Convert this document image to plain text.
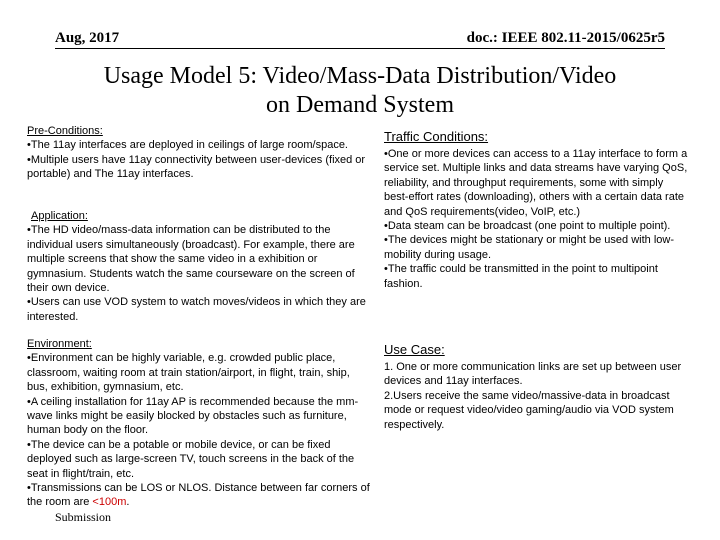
Aug, 2017	doc.: IEEE 802.11-2015/0625r5
Usage Model 5: Video/Mass-Data Distribution/Video
on Demand System
Pre-Conditions:
•The 11ay interfaces are deployed in ceilings of large room/space.
•Multiple users have 11ay connectivity between user-devices (fixed or portable) and The 11ay interfaces.
Application:
•The HD video/mass-data information can be distributed to the individual users simultaneously (broadcast). For example, there are multiple screens that show the same video in a exhibition or gymnasium. Students watch the same courseware on the screen of their own device.
•Users can use VOD system to watch moves/videos in which they are interested.
Environment:
•Environment can be highly variable, e.g. crowded public place, classroom, waiting room at train station/airport, in flight, train, ship, bus, exhibition, gymnasium, etc.
•A ceiling installation for 11ay AP is recommended because the mm-wave links might be easily blocked by obstacles such as furniture, human body on the floor.
•The device can be a potable or mobile device, or can be fixed deployed such as large-screen TV, touch screens in the back of the seat in flight/train, etc.
•Transmissions can be LOS or NLOS. Distance between far corners of the room are <100m.
Traffic Conditions:
•One or more devices can access to a 11ay interface to form a service set. Multiple links and data streams have varying QoS, reliability, and throughput requirements, some with simply best-effort rates (downloading), others with a certain data rate and QoS requirements(video, VoIP, etc.)
•Data steam can be broadcast (one point to multiple point).
•The devices might be stationary or might be used with low-mobility during usage.
•The traffic could be transmitted in the point to multipoint fashion.
Use Case:
1. One or more communication links are set up between user devices and 11ay interfaces.
2.Users receive the same video/massive-data in broadcast mode or request video/video gaming/audio via VOD system respectively.
Submission
